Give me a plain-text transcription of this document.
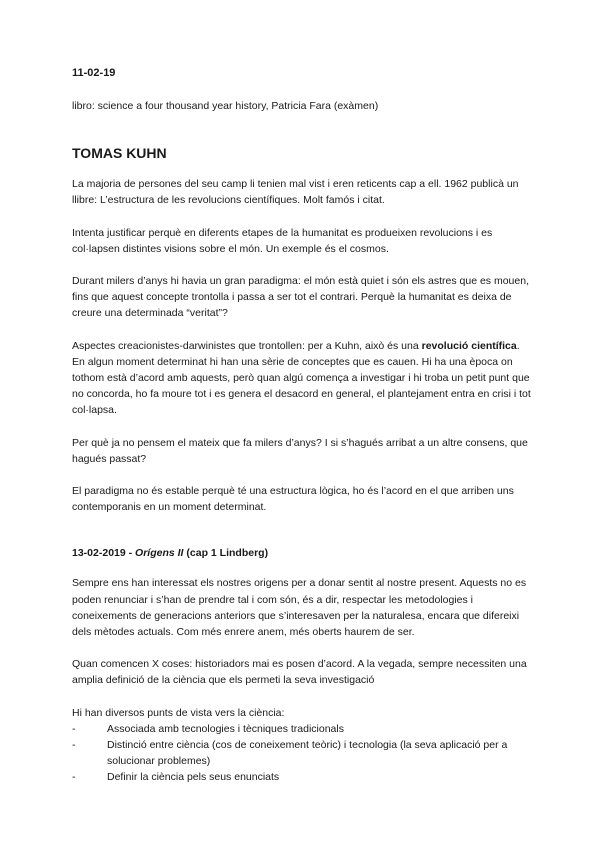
11-02-19

libro: science a four thousand year history, Patricia Fara (exàmen)

TOMAS KUHN

La majoria de persones del seu camp li tenien mal vist i eren reticents cap a ell. 1962 publicà un llibre: L’estructura de les revolucions científiques. Molt famós i citat.

Intenta justificar perquè en diferents etapes de la humanitat es produeixen revolucions i es col·lapsen distintes visions sobre el món. Un exemple és el cosmos.

Durant milers d’anys hi havia un gran paradigma: el món està quiet i són els astres que es mouen, fins que aquest concepte trontolla i passa a ser tot el contrari. Perquè la humanitat es deixa de creure una determinada “veritat”?

Aspectes creacionistes-darwinistes que trontollen: per a Kuhn, això és una revolució científica. En algun moment determinat hi han una sèrie de conceptes que es cauen. Hi ha una època on tothom està d’acord amb aquests, però quan algú comença a investigar i hi troba un petit punt que no concorda, ho fa moure tot i es genera el desacord en general, el plantejament entra en crisi i tot col·lapsa.

Per què ja no pensem el mateix que fa milers d’anys? I si s’hagués arribat a un altre consens, que hagués passat?

El paradigma no és estable perquè té una estructura lògica, ho és l’acord en el que arriben uns contemporanis en un moment determinat.

13-02-2019 - Orígens II (cap 1 Lindberg)

Sempre ens han interessat els nostres origens per a donar sentit al nostre present. Aquests no es poden renunciar i s’han de prendre tal i com són, és a dir, respectar les metodologies i coneixements de generacions anteriors que s’interesaven per la naturalesa, encara que difereixi dels mètodes actuals. Com més enrere anem, més oberts haurem de ser.

Quan comencen X coses: historiadors mai es posen d’acord. A la vegada, sempre necessiten una amplia definició de la ciència que els permeti la seva investigació

Hi han diversos punts de vista vers la ciència:

- Associada amb tecnologies i tècniques tradicionals
- Distinció entre ciència (cos de coneixement teòric) i tecnologia (la seva aplicació per a solucionar problemes)
- Definir la ciència pels seus enunciats
